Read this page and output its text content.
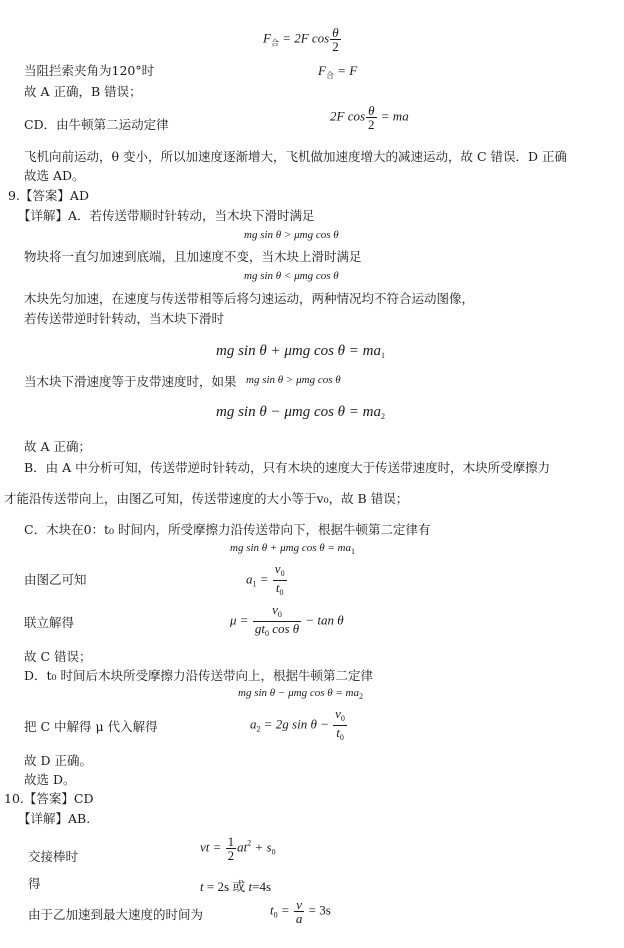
$F_合 = 2F$ $\cos \frac{\theta}{2}$
当阻拦索夹角为120°时	$F_合 = F$
故 A 正确，B 错误；
CD．由牛顿第二运动定律
2F $\cos \frac{\theta}{2}$ = ma
飞机向前运动，θ 变小，所以加速度逐渐增大，飞机做加速度增大的减速运动，故 C 错误．D 正确
故选 AD。
9.【答案】AD
【详解】A．若传送带顺时针转动，当木块下滑时满足
mg sin θ > μmg cos θ
物块将一直匀加速到底端，且加速度不变，当木块上滑时满足
mg sin θ < μmg cos θ
木块先匀加速，在速度与传送带相等后将匀速运动，两种情况均不符合运动图像，
若传送带逆时针转动，当木块下滑时
mg sin θ + μmg $\cos \theta = ma_1$
当木块下滑速度等于皮带速度时，如果 mg sin θ > μmg cos θ
mg sin θ − μmg $\cos \theta = ma_2$
故 A 正确；
B．由 A 中分析可知，传送带逆时针转动，只有木块的速度大于传送带速度时，木块所受摩擦力
才能沿传送带向上，由图乙可知，传送带速度的大小等于v₀，故 B 错误；
C．木块在0：t₀ 时间内，所受摩擦力沿传送带向下，根据牛顿第二定律有
mg sin θ + μmg $\cos \theta = ma_1$
由图乙可知	$a_1 = \frac{v_0}{t_0}$
联立解得	$\mu = \frac{v_0}{gt_0 \cos \theta} - \tan \theta$
故 C 错误；
D．t₀ 时间后木块所受摩擦力沿传送带向上，根据牛顿第二定律
mg sin θ − μmg $\cos \theta = ma_2$
把 C 中解得 μ 代入解得	$a_2 = 2g$ $\sin \theta - \frac{v_0}{t_0}$
故 D 正确。
故选 D。
10.【答案】CD
【详解】AB.
交接棒时
vt = $\frac{1}{2} at^2 + s_0$
得	t = 2s 或 t=4s
由于乙加速到最大速度的时间为	$t_0 = \frac{v}{a} = 3s$
